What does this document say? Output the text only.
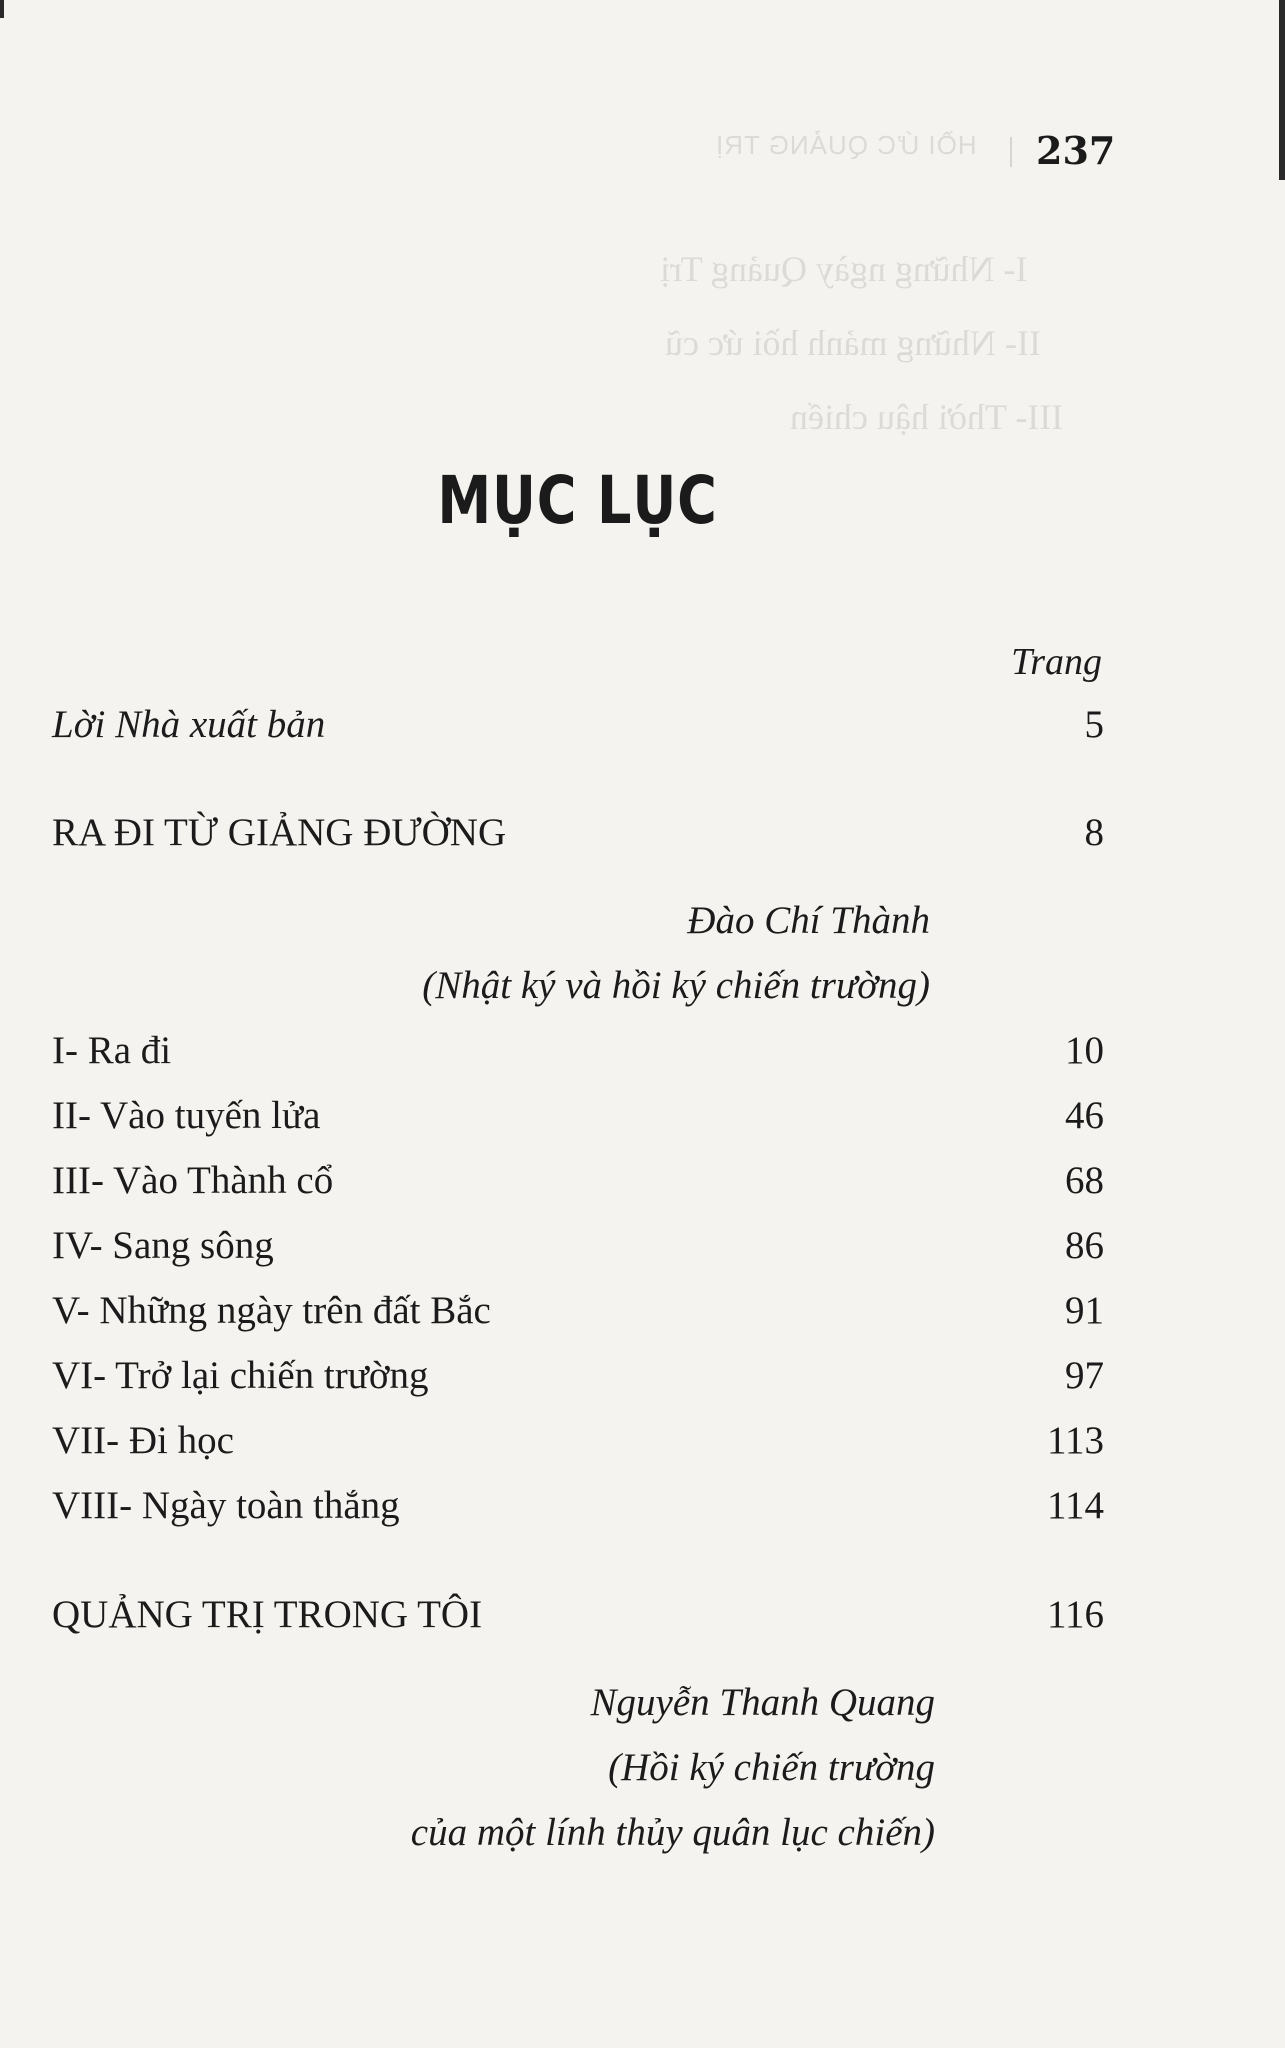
HỒI ỨC QUẢNG TRỊ
I- Những ngày Quảng Trị
II- Những mảnh hồi ức cũ
III- Thời hậu chiến
237
MỤC LỤC
Trang
Lời Nhà xuất bản	5
RA ĐI TỪ GIẢNG ĐƯỜNG	8
Đào Chí Thành
(Nhật ký và hồi ký chiến trường)
I- Ra đi	10
II- Vào tuyến lửa	46
III- Vào Thành cổ	68
IV- Sang sông	86
V- Những ngày trên đất Bắc	91
VI- Trở lại chiến trường	97
VII- Đi học	113
VIII- Ngày toàn thắng	114
QUẢNG TRỊ TRONG TÔI	116
Nguyễn Thanh Quang
(Hồi ký chiến trường
của một lính thủy quân lục chiến)
